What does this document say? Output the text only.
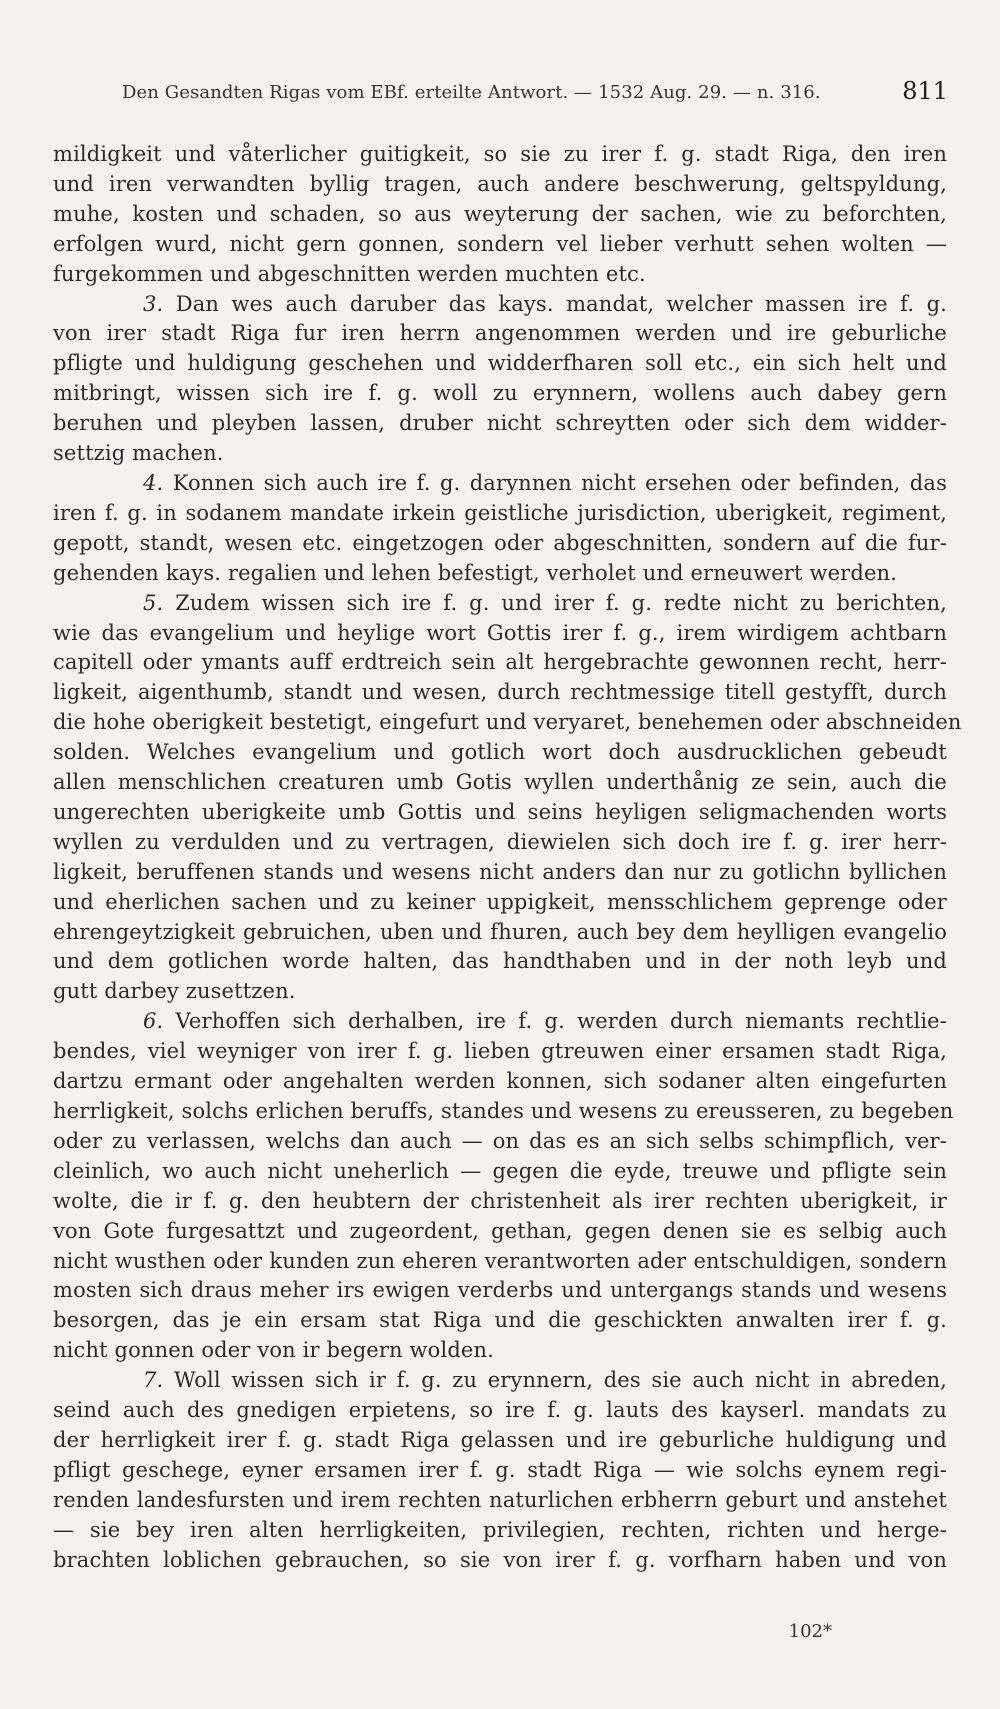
Den Gesandten Rigas vom EBf. erteilte Antwort. — 1532 Aug. 29. — n. 316.	811
mildigkeit und våterlicher guitigkeit, so sie zu irer f. g. stadt Riga, den iren
und iren verwandten byllig tragen, auch andere beschwerung, geltspyldung,
muhe, kosten und schaden, so aus weyterung der sachen, wie zu beforchten,
erfolgen wurd, nicht gern gonnen, sondern vel lieber verhutt sehen wolten —
furgekommen und abgeschnitten werden muchten etc.
3. Dan wes auch daruber das kays. mandat, welcher massen ire f. g.
von irer stadt Riga fur iren herrn angenommen werden und ire geburliche
pfligte und huldigung geschehen und widderfharen soll etc., ein sich helt und
mitbringt, wissen sich ire f. g. woll zu erynnern, wollens auch dabey gern
beruhen und pleyben lassen, druber nicht schreytten oder sich dem widder-
settzig machen.
4. Konnen sich auch ire f. g. darynnen nicht ersehen oder befinden, das
iren f. g. in sodanem mandate irkein geistliche jurisdiction, uberigkeit, regiment,
gepott, standt, wesen etc. eingetzogen oder abgeschnitten, sondern auf die fur-
gehenden kays. regalien und lehen befestigt, verholet und erneuwert werden.
5. Zudem wissen sich ire f. g. und irer f. g. redte nicht zu berichten,
wie das evangelium und heylige wort Gottis irer f. g., irem wirdigem achtbarn
capitell oder ymants auff erdtreich sein alt hergebrachte gewonnen recht, herr-
ligkeit, aigenthumb, standt und wesen, durch rechtmessige titell gestyfft, durch
die hohe oberigkeit bestetigt, eingefurt und veryaret, benehemen oder abschneiden
solden. Welches evangelium und gotlich wort doch ausdrucklichen gebeudt
allen menschlichen creaturen umb Gotis wyllen underthånig ze sein, auch die
ungerechten uberigkeite umb Gottis und seins heyligen seligmachenden worts
wyllen zu verdulden und zu vertragen, diewielen sich doch ire f. g. irer herr-
ligkeit, beruffenen stands und wesens nicht anders dan nur zu gotlichn byllichen
und eherlichen sachen und zu keiner uppigkeit, mensschlichem geprenge oder
ehrengeytzigkeit gebruichen, uben und fhuren, auch bey dem heylligen evangelio
und dem gotlichen worde halten, das handthaben und in der noth leyb und
gutt darbey zusettzen.
6. Verhoffen sich derhalben, ire f. g. werden durch niemants rechtlie-
bendes, viel weyniger von irer f. g. lieben gtreuwen einer ersamen stadt Riga,
dartzu ermant oder angehalten werden konnen, sich sodaner alten eingefurten
herrligkeit, solchs erlichen beruffs, standes und wesens zu ereusseren, zu begeben
oder zu verlassen, welchs dan auch — on das es an sich selbs schimpflich, ver-
cleinlich, wo auch nicht uneherlich — gegen die eyde, treuwe und pfligte sein
wolte, die ir f. g. den heubtern der christenheit als irer rechten uberigkeit, ir
von Gote furgesattzt und zugeordent, gethan, gegen denen sie es selbig auch
nicht wusthen oder kunden zun eheren verantworten ader entschuldigen, sondern
mosten sich draus meher irs ewigen verderbs und untergangs stands und wesens
besorgen, das je ein ersam stat Riga und die geschickten anwalten irer f. g.
nicht gonnen oder von ir begern wolden.
7. Woll wissen sich ir f. g. zu erynnern, des sie auch nicht in abreden,
seind auch des gnedigen erpietens, so ire f. g. lauts des kayserl. mandats zu
der herrligkeit irer f. g. stadt Riga gelassen und ire geburliche huldigung und
pfligt geschege, eyner ersamen irer f. g. stadt Riga — wie solchs eynem regi-
renden landesfursten und irem rechten naturlichen erbherrn geburt und anstehet
— sie bey iren alten herrligkeiten, privilegien, rechten, richten und herge-
brachten loblichen gebrauchen, so sie von irer f. g. vorfharn haben und von
102*
